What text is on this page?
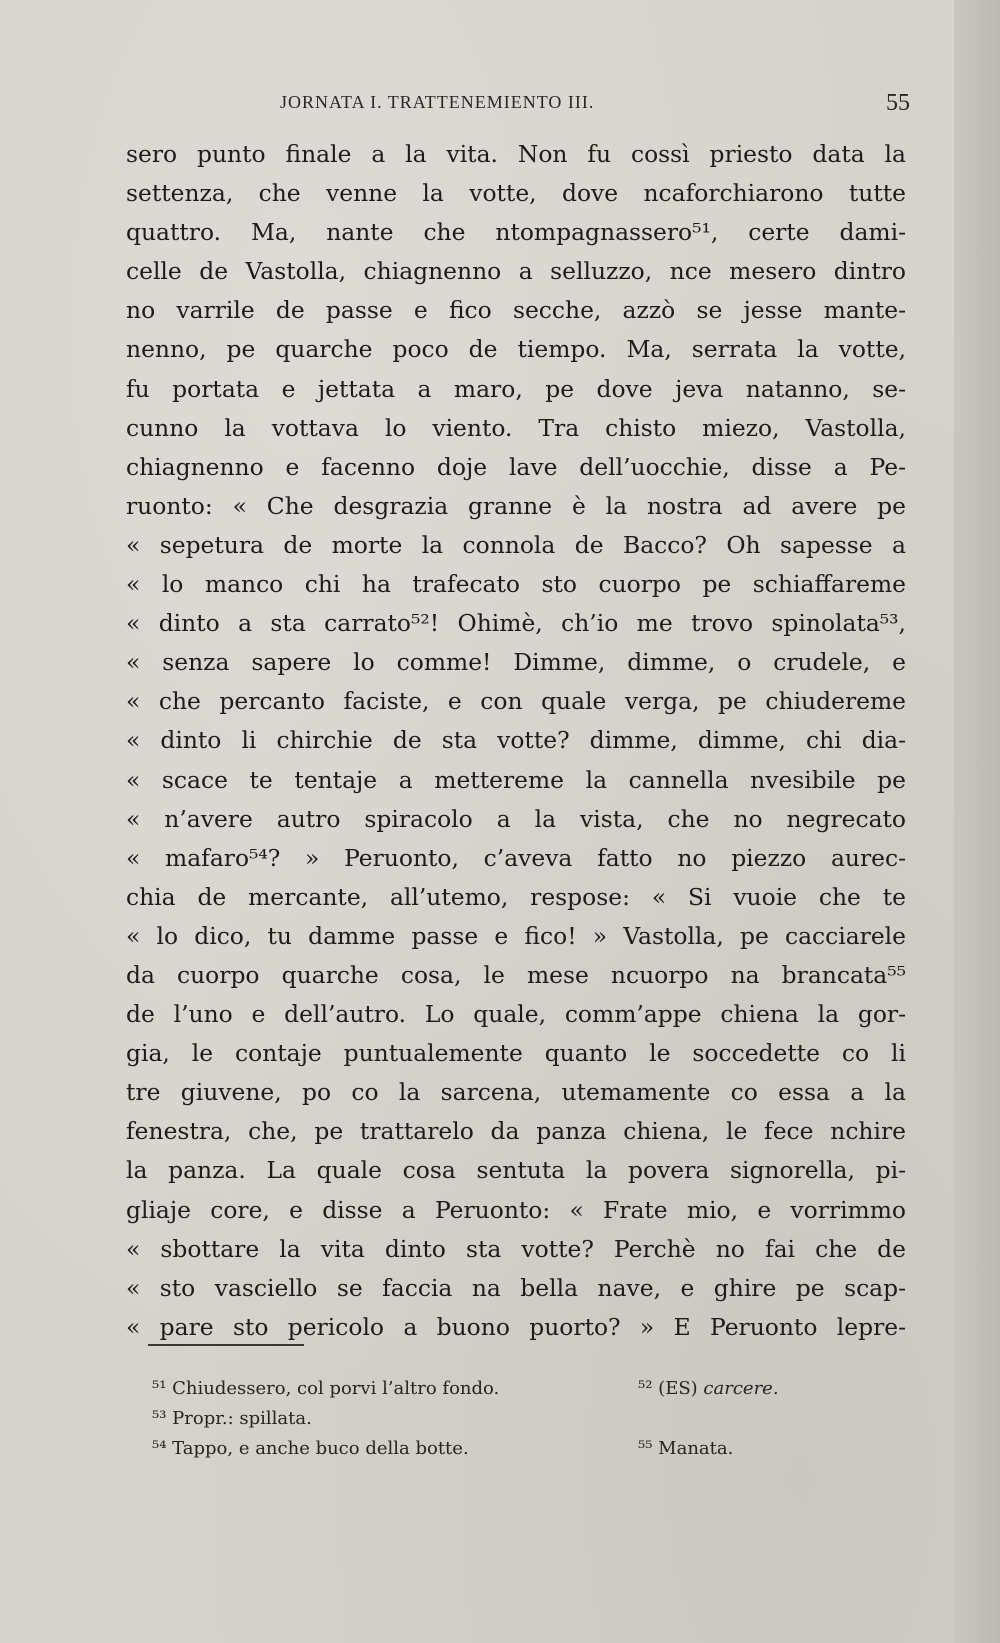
JORNATA I. TRATTENEMIENTO III.	55
sero punto finale a la vita. Non fu cossì priesto data la
settenza, che venne la votte, dove ncaforchiarono tutte
quattro. Ma, nante che ntompagnassero⁵¹, certe dami-
celle de Vastolla, chiagnenno a selluzzo, nce mesero dintro
no varrile de passe e fico secche, azzò se jesse mante-
nenno, pe quarche poco de tiempo. Ma, serrata la votte,
fu portata e jettata a maro, pe dove jeva natanno, se-
cunno la vottava lo viento. Tra chisto miezo, Vastolla,
chiagnenno e facenno doje lave dell’uocchie, disse a Pe-
ruonto: « Che desgrazia granne è la nostra ad avere pe
« sepetura de morte la connola de Bacco? Oh sapesse a
« lo manco chi ha trafecato sto cuorpo pe schiaffareme
« dinto a sta carrato⁵²! Ohimè, ch’io me trovo spinolata⁵³,
« senza sapere lo comme! Dimme, dimme, o crudele, e
« che percanto faciste, e con quale verga, pe chiudereme
« dinto li chirchie de sta votte? dimme, dimme, chi dia-
« scace te tentaje a mettereme la cannella nvesibile pe
« n’avere autro spiracolo a la vista, che no negrecato
« mafaro⁵⁴? » Peruonto, c’aveva fatto no piezzo aurec-
chia de mercante, all’utemo, respose: « Si vuoie che te
« lo dico, tu damme passe e fico! » Vastolla, pe cacciarele
da cuorpo quarche cosa, le mese ncuorpo na brancata⁵⁵
de l’uno e dell’autro. Lo quale, comm’appe chiena la gor-
gia, le contaje puntualemente quanto le soccedette co li
tre giuvene, po co la sarcena, utemamente co essa a la
fenestra, che, pe trattarelo da panza chiena, le fece nchire
la panza. La quale cosa sentuta la povera signorella, pi-
gliaje core, e disse a Peruonto: « Frate mio, e vorrimmo
« sbottare la vita dinto sta votte? Perchè no fai che de
« sto vasciello se faccia na bella nave, e ghire pe scap-
« pare sto pericolo a buono puorto? » E Peruonto lepre-
⁵¹ Chiudessero, col porvi l’altro fondo.	⁵² (ES) carcere.
⁵³ Propr.: spillata.
⁵⁴ Tappo, e anche buco della botte.	⁵⁵ Manata.
